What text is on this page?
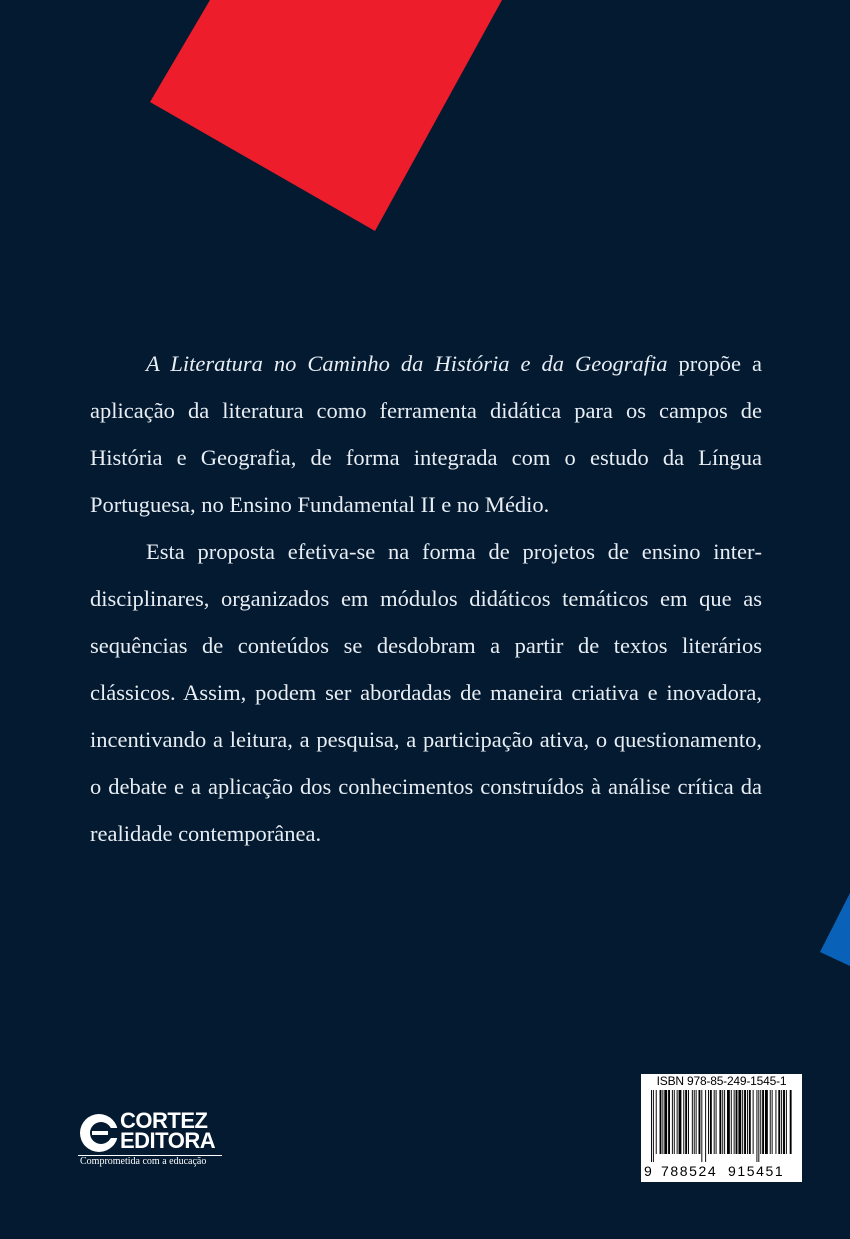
A Literatura no Caminho da História e da Geografia propõe a aplicação da literatura como ferramenta didática para os campos de História e Geografia, de forma integrada com o estudo da Língua Portuguesa, no Ensino Fundamental II e no Médio.

Esta proposta efetiva-se na forma de projetos de ensino interdisciplinares, organizados em módulos didáticos temáticos em que as sequências de conteúdos se desdobram a partir de textos literários clássicos. Assim, podem ser abordadas de maneira criativa e inovadora, incentivando a leitura, a pesquisa, a participação ativa, o questionamento, o debate e a aplicação dos conhecimentos construídos à análise crítica da realidade contemporânea.

CORTEZ
EDITORA
Comprometida com a educação
ISBN 978-85-249-1545-1
9 788524 915451
